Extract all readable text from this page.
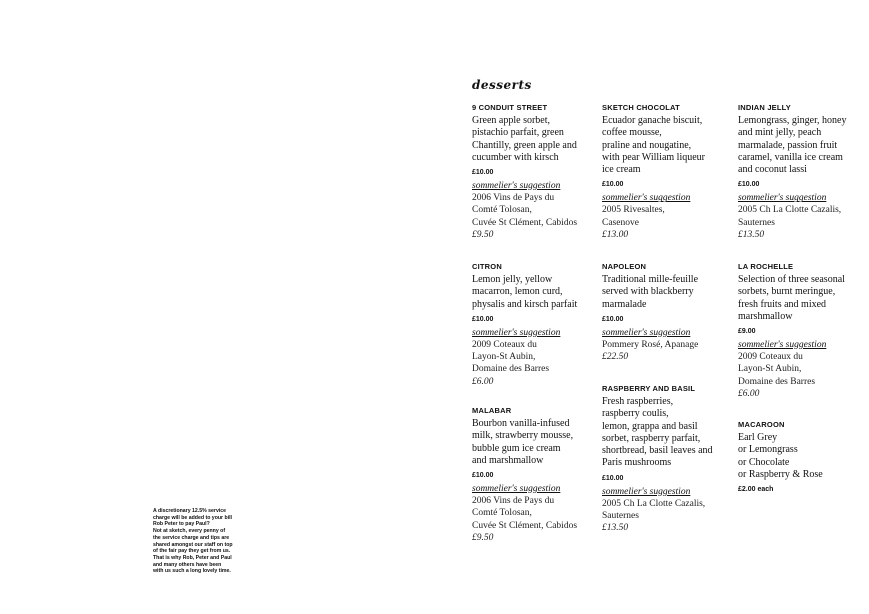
desserts
9 CONDUIT STREET
Green apple sorbet,
pistachio parfait, green
Chantilly, green apple and
cucumber with kirsch
£10.00
sommelier's suggestion
2006 Vins de Pays du
Comté Tolosan,
Cuvée St Clément, Cabidos
£9.50
SKETCH CHOCOLAT
Ecuador ganache biscuit,
coffee mousse,
praline and nougatine,
with pear William liqueur
ice cream
£10.00
sommelier's suggestion
2005 Rivesaltes,
Casenove
£13.00
INDIAN JELLY
Lemongrass, ginger, honey
and mint jelly, peach
marmalade, passion fruit
caramel, vanilla ice cream
and coconut lassi
£10.00
sommelier's suggestion
2005 Ch La Clotte Cazalis,
Sauternes
£13.50
CITRON
Lemon jelly, yellow
macarron, lemon curd,
physalis and kirsch parfait
£10.00
sommelier's suggestion
2009 Coteaux du
Layon-St Aubin,
Domaine des Barres
£6.00
NAPOLEON
Traditional mille-feuille
served with blackberry
marmalade
£10.00
sommelier's suggestion
Pommery Rosé, Apanage
£22.50
LA ROCHELLE
Selection of three seasonal
sorbets, burnt meringue,
fresh fruits and mixed
marshmallow
£9.00
sommelier's suggestion
2009 Coteaux du
Layon-St Aubin,
Domaine des Barres
£6.00
MALABAR
Bourbon vanilla-infused
milk, strawberry mousse,
bubble gum ice cream
and marshmallow
£10.00
sommelier's suggestion
2006 Vins de Pays du
Comté Tolosan,
Cuvée St Clément, Cabidos
£9.50
RASPBERRY AND BASIL
Fresh raspberries,
raspberry coulis,
lemon, grappa and basil
sorbet, raspberry parfait,
shortbread, basil leaves and
Paris mushrooms
£10.00
sommelier's suggestion
2005 Ch La Clotte Cazalis,
Sauternes
£13.50
MACAROON
Earl Grey
or Lemongrass
or Chocolate
or Raspberry & Rose
£2.00 each
A discretionary 12.5% service
charge will be added to your bill
Rob Peter to pay Paul?
Not at sketch, every penny of
the service charge and tips are
shared amongst our staff on top
of the fair pay they get from us.
That is why Rob, Peter and Paul
and many others have been
with us such a long lovely time.
